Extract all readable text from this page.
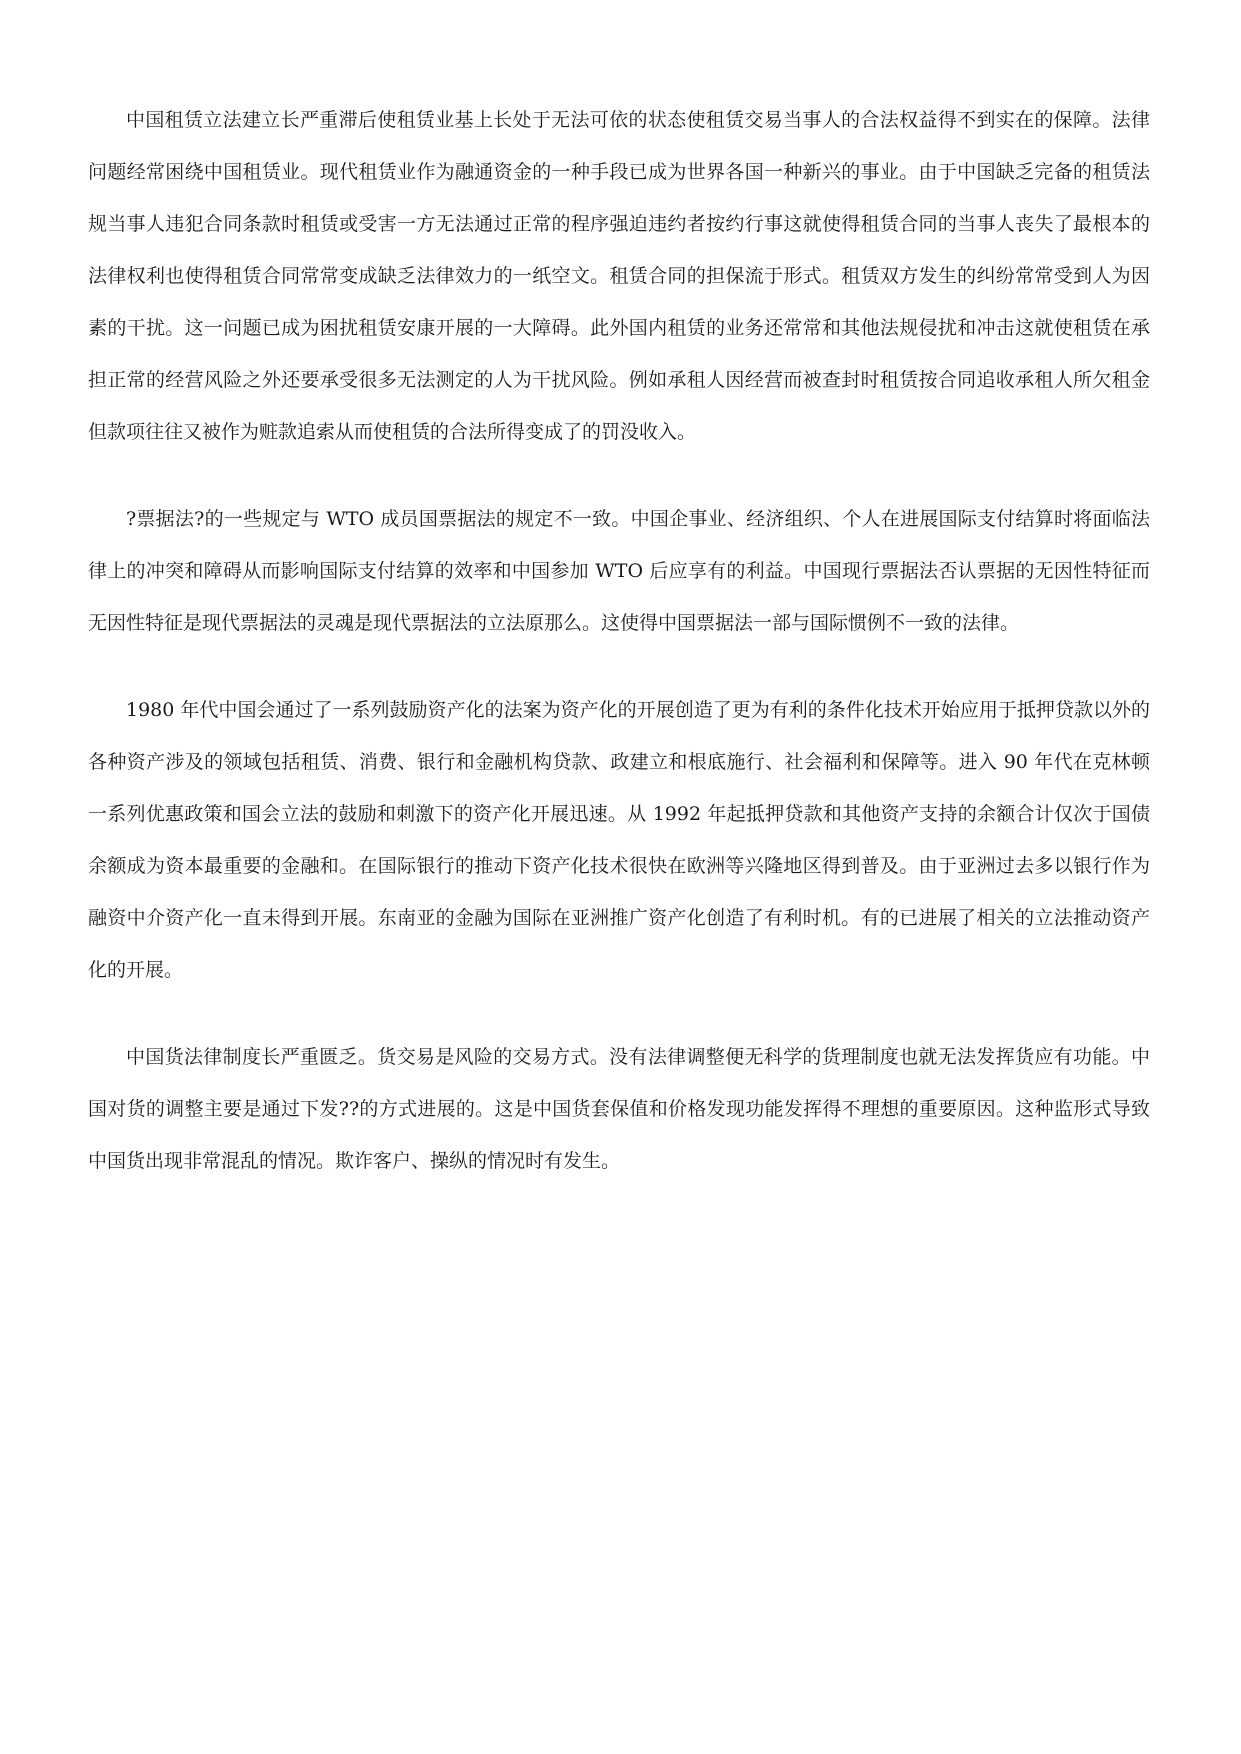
中国租赁立法建立长严重滞后使租赁业基上长处于无法可依的状态使租赁交易当事人的合法权益得不到实在的保障。法律问题经常困绕中国租赁业。现代租赁业作为融通资金的一种手段已成为世界各国一种新兴的事业。由于中国缺乏完备的租赁法规当事人违犯合同条款时租赁或受害一方无法通过正常的程序强迫违约者按约行事这就使得租赁合同的当事人丧失了最根本的法律权利也使得租赁合同常常变成缺乏法律效力的一纸空文。租赁合同的担保流于形式。租赁双方发生的纠纷常常受到人为因素的干扰。这一问题已成为困扰租赁安康开展的一大障碍。此外国内租赁的业务还常常和其他法规侵扰和冲击这就使租赁在承担正常的经营风险之外还要承受很多无法测定的人为干扰风险。例如承租人因经营而被查封时租赁按合同追收承租人所欠租金但款项往往又被作为赃款追索从而使租赁的合法所得变成了的罚没收入。

?票据法?的一些规定与 WTO 成员国票据法的规定不一致。中国企事业、经济组织、个人在进展国际支付结算时将面临法律上的冲突和障碍从而影响国际支付结算的效率和中国参加 WTO 后应享有的利益。中国现行票据法否认票据的无因性特征而无因性特征是现代票据法的灵魂是现代票据法的立法原那么。这使得中国票据法一部与国际惯例不一致的法律。

1980 年代中国会通过了一系列鼓励资产化的法案为资产化的开展创造了更为有利的条件化技术开始应用于抵押贷款以外的各种资产涉及的领域包括租赁、消费、银行和金融机构贷款、政建立和根底施行、社会福利和保障等。进入 90 年代在克林顿一系列优惠政策和国会立法的鼓励和刺激下的资产化开展迅速。从 1992 年起抵押贷款和其他资产支持的余额合计仅次于国债余额成为资本最重要的金融和。在国际银行的推动下资产化技术很快在欧洲等兴隆地区得到普及。由于亚洲过去多以银行作为融资中介资产化一直未得到开展。东南亚的金融为国际在亚洲推广资产化创造了有利时机。有的已进展了相关的立法推动资产化的开展。

中国货法律制度长严重匮乏。货交易是风险的交易方式。没有法律调整便无科学的货理制度也就无法发挥货应有功能。中国对货的调整主要是通过下发??的方式进展的。这是中国货套保值和价格发现功能发挥得不理想的重要原因。这种监形式导致中国货出现非常混乱的情况。欺诈客户、操纵的情况时有发生。
